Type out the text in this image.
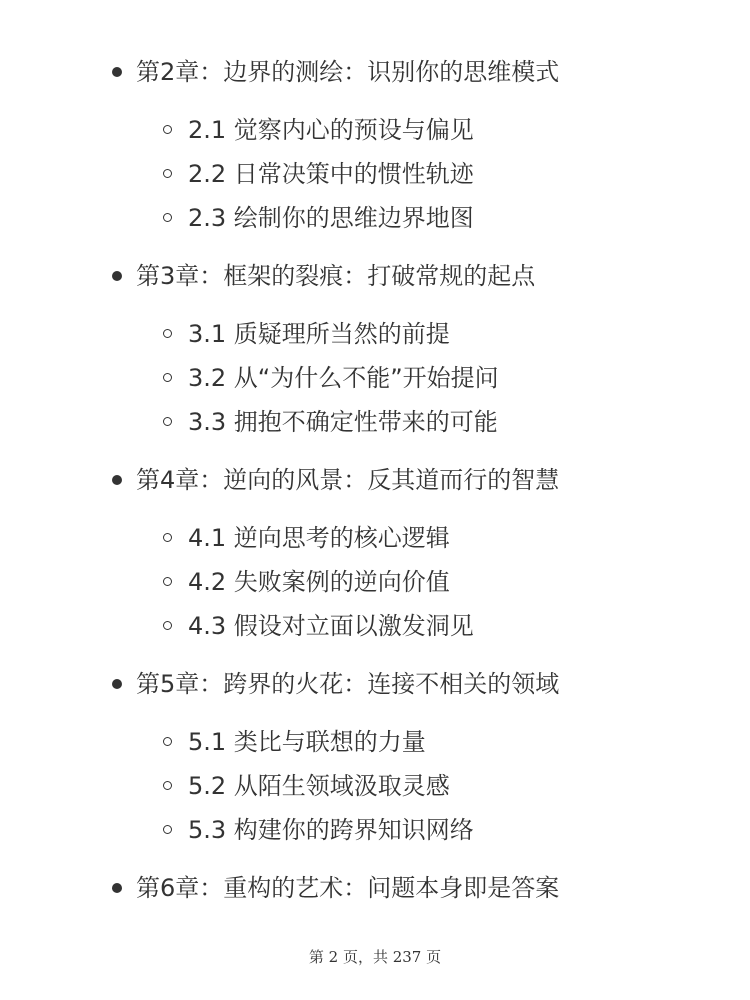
第2章：边界的测绘：识别你的思维模式
2.1 觉察内心的预设与偏见
2.2 日常决策中的惯性轨迹
2.3 绘制你的思维边界地图
第3章：框架的裂痕：打破常规的起点
3.1 质疑理所当然的前提
3.2 从“为什么不能”开始提问
3.3 拥抱不确定性带来的可能
第4章：逆向的风景：反其道而行的智慧
4.1 逆向思考的核心逻辑
4.2 失败案例的逆向价值
4.3 假设对立面以激发洞见
第5章：跨界的火花：连接不相关的领域
5.1 类比与联想的力量
5.2 从陌生领域汲取灵感
5.3 构建你的跨界知识网络
第6章：重构的艺术：问题本身即是答案
第 2 页，共 237 页
